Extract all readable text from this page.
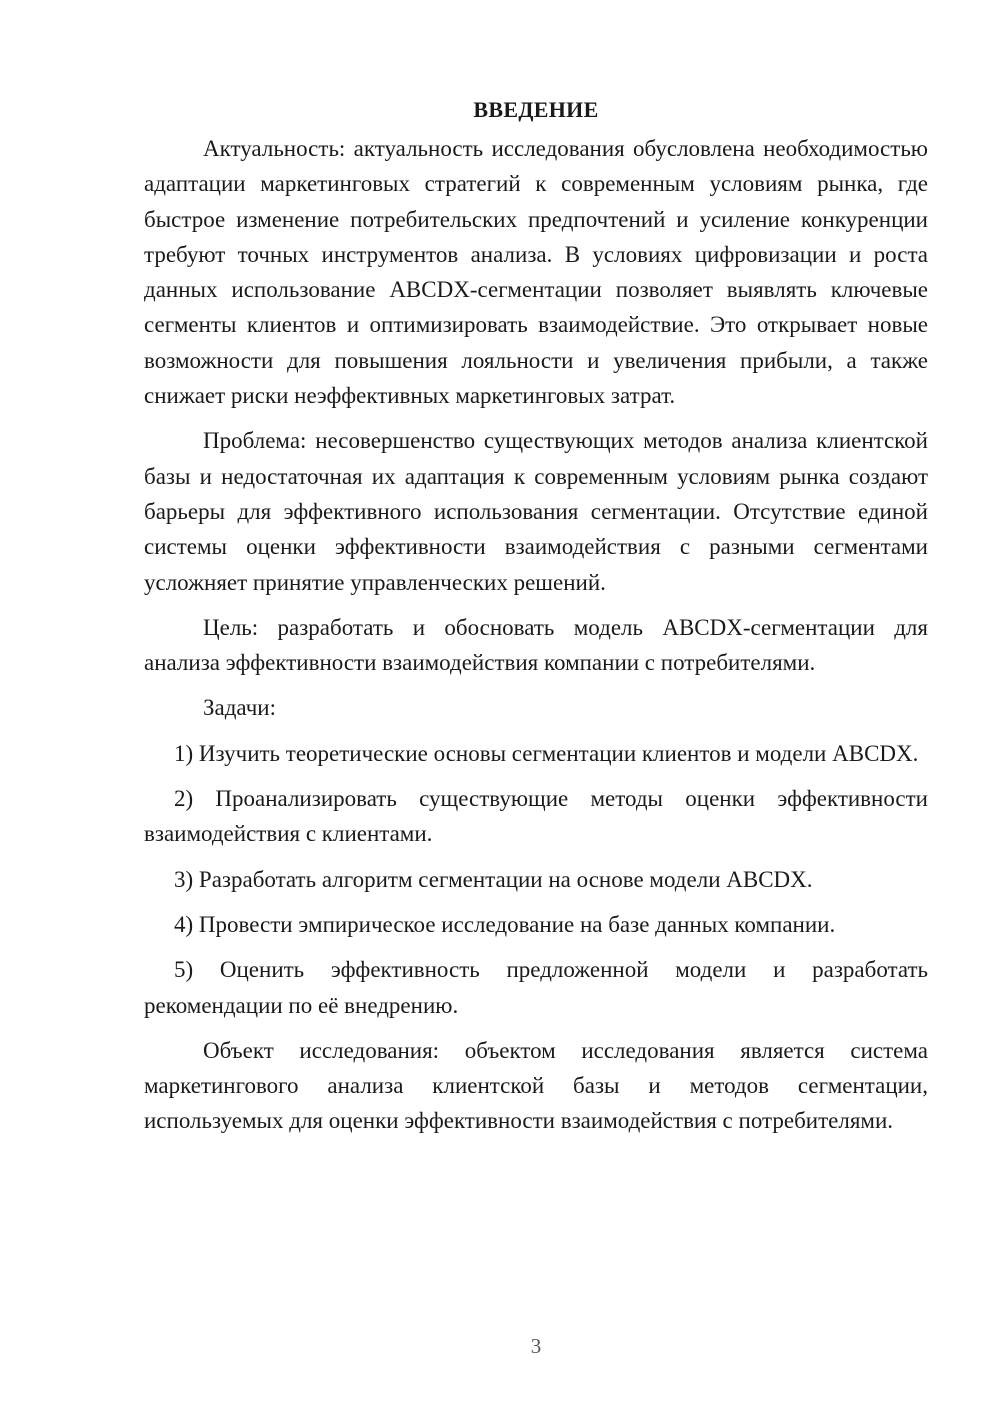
ВВЕДЕНИЕ

Актуальность: актуальность исследования обусловлена необходимостью адаптации маркетинговых стратегий к современным условиям рынка, где быстрое изменение потребительских предпочтений и усиление конкуренции требуют точных инструментов анализа. В условиях цифровизации и роста данных использование ABCDX-сегментации позволяет выявлять ключевые сегменты клиентов и оптимизировать взаимодействие. Это открывает новые возможности для повышения лояльности и увеличения прибыли, а также снижает риски неэффективных маркетинговых затрат.

Проблема: несовершенство существующих методов анализа клиентской базы и недостаточная их адаптация к современным условиям рынка создают барьеры для эффективного использования сегментации. Отсутствие единой системы оценки эффективности взаимодействия с разными сегментами усложняет принятие управленческих решений.

Цель: разработать и обосновать модель ABCDX-сегментации для анализа эффективности взаимодействия компании с потребителями.

Задачи:

1) Изучить теоретические основы сегментации клиентов и модели ABCDX.

2) Проанализировать существующие методы оценки эффективности взаимодействия с клиентами.

3) Разработать алгоритм сегментации на основе модели ABCDX.

4) Провести эмпирическое исследование на базе данных компании.

5) Оценить эффективность предложенной модели и разработать рекомендации по её внедрению.

Объект исследования: объектом исследования является система маркетингового анализа клиентской базы и методов сегментации, используемых для оценки эффективности взаимодействия с потребителями.

3
